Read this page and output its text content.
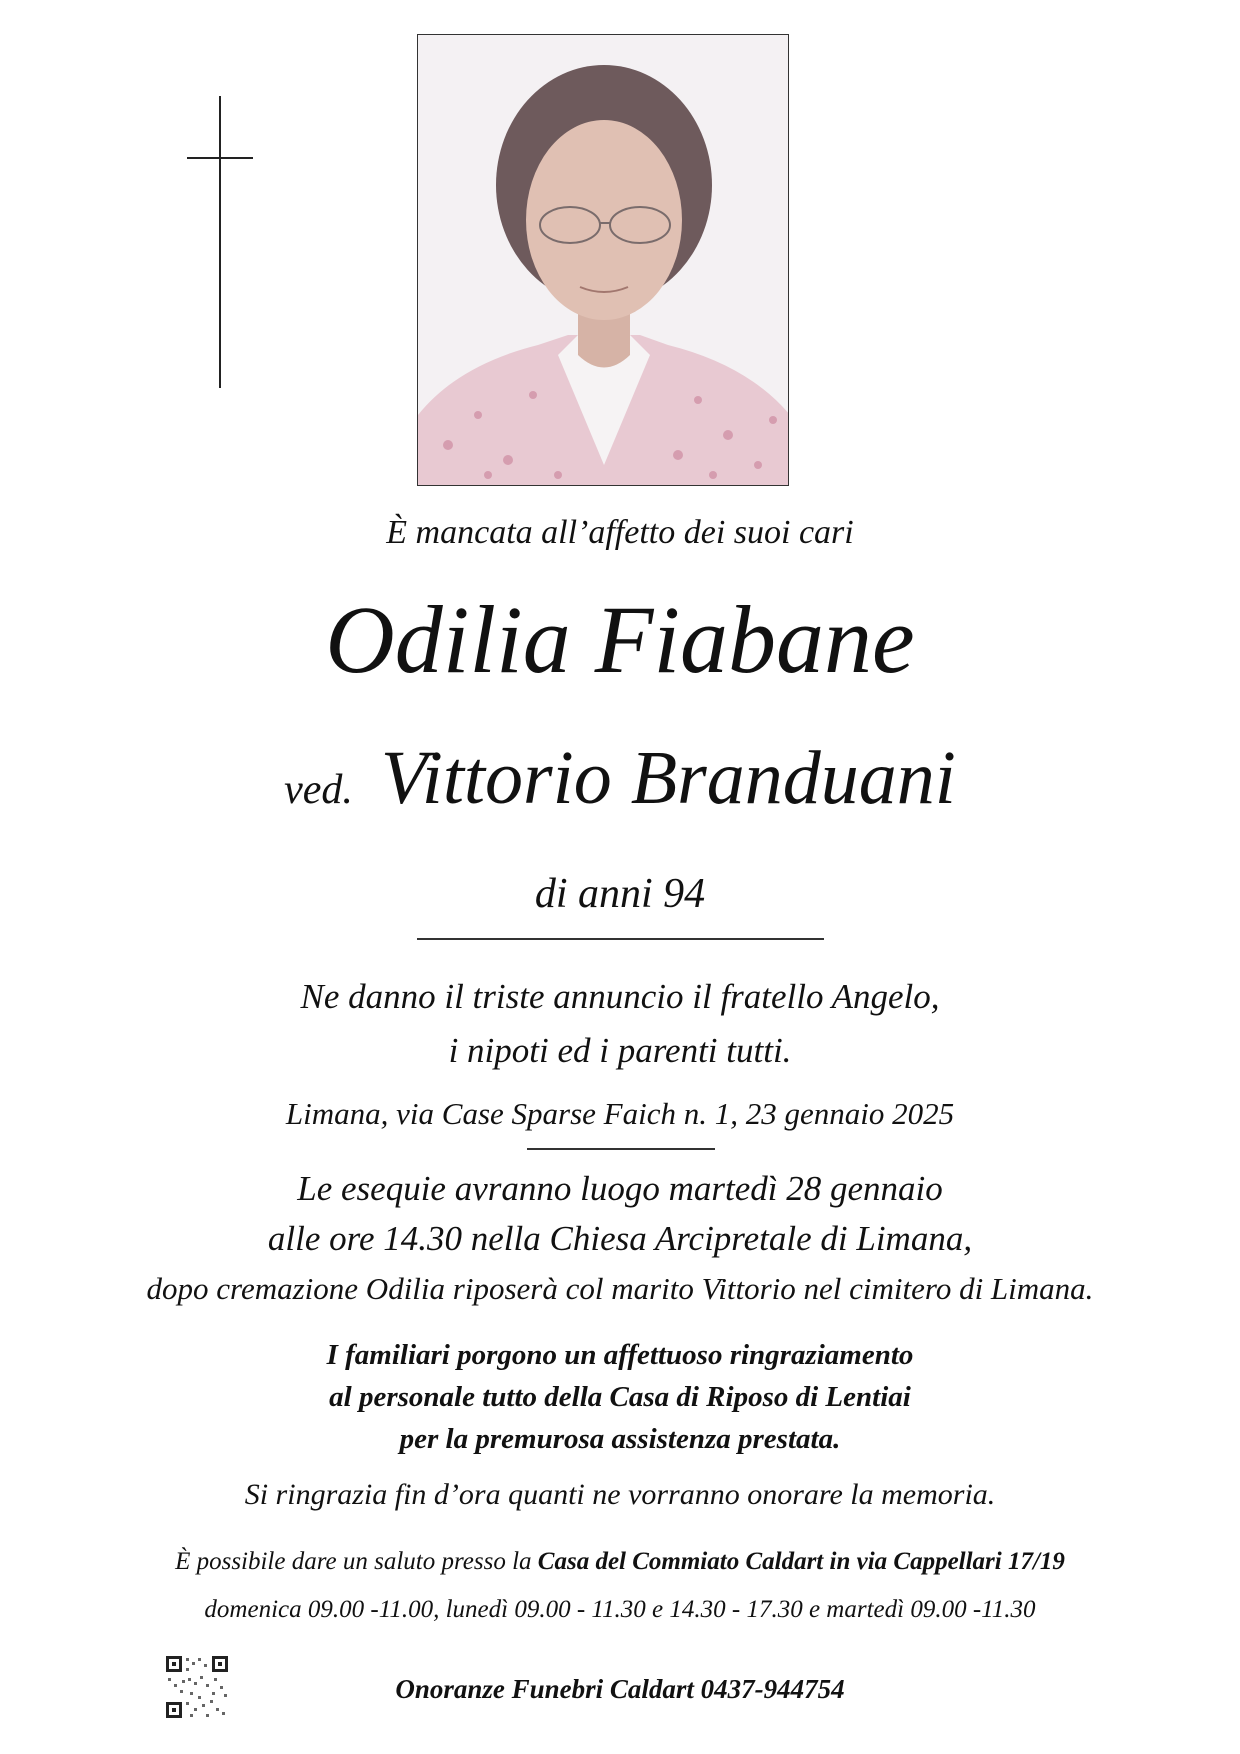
È mancata all’affetto dei suoi cari
Odilia Fiabane
ved. Vittorio Branduani
di anni 94
Ne danno il triste annuncio il fratello Angelo,
i nipoti ed i parenti tutti.
Limana, via Case Sparse Faich n. 1, 23 gennaio 2025
Le esequie avranno luogo martedì 28 gennaio
alle ore 14.30 nella Chiesa Arcipretale di Limana,
dopo cremazione Odilia riposerà col marito Vittorio nel cimitero di Limana.
I familiari porgono un affettuoso ringraziamento
al personale tutto della Casa di Riposo di Lentiai
per la premurosa assistenza prestata.
Si ringrazia fin d’ora quanti ne vorranno onorare la memoria.
È possibile dare un saluto presso la Casa del Commiato Caldart in via Cappellari 17/19
domenica 09.00 -11.00, lunedì 09.00 - 11.30 e 14.30 - 17.30 e martedì 09.00 -11.30
Onoranze Funebri Caldart 0437-944754
